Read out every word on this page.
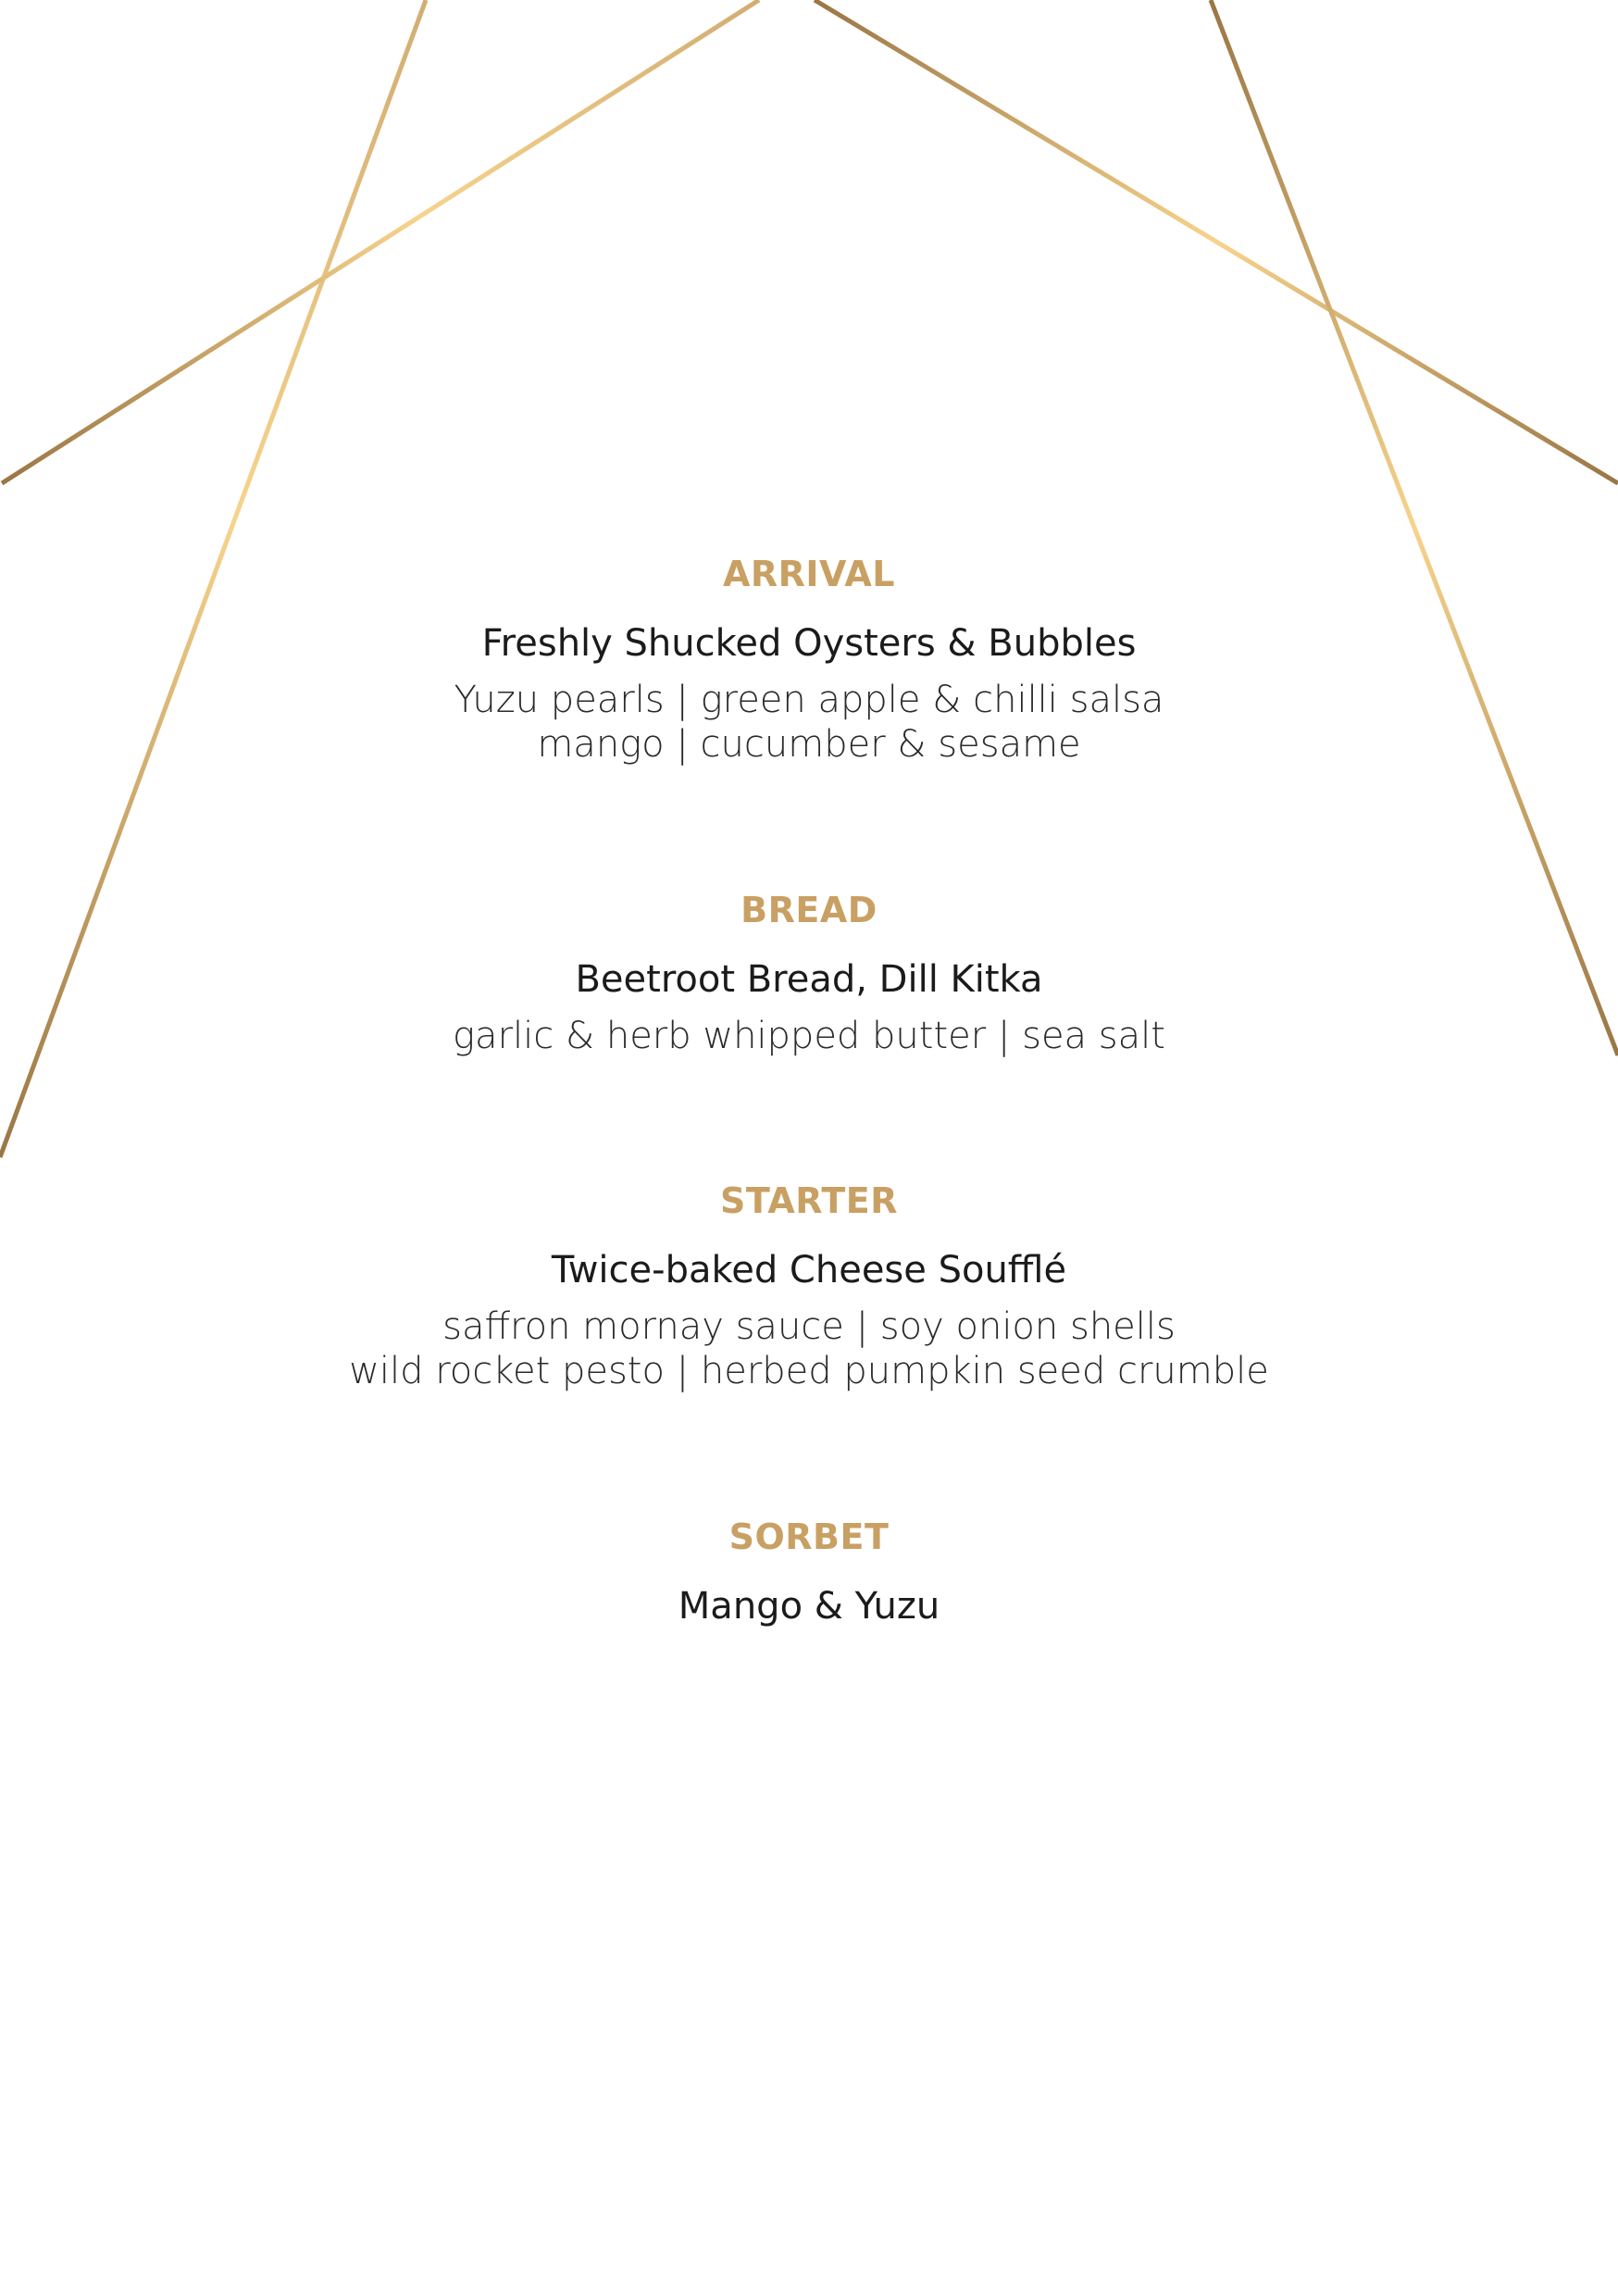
ARRIVAL
Freshly Shucked Oysters & Bubbles
Yuzu pearls | green apple & chilli salsa
mango | cucumber & sesame
BREAD
Beetroot Bread, Dill Kitka
garlic & herb whipped butter | sea salt
STARTER
Twice-baked Cheese Soufflé
saffron mornay sauce | soy onion shells
wild rocket pesto | herbed pumpkin seed crumble
SORBET
Mango & Yuzu
